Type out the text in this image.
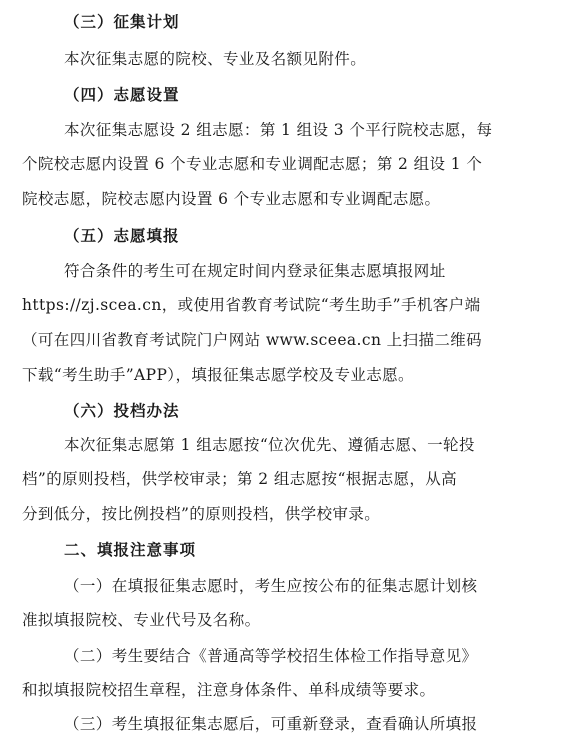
（三）征集计划
本次征集志愿的院校、专业及名额见附件。
（四）志愿设置
本次征集志愿设 2 组志愿：第 1 组设 3 个平行院校志愿，每
个院校志愿内设置 6 个专业志愿和专业调配志愿；第 2 组设 1 个
院校志愿，院校志愿内设置 6 个专业志愿和专业调配志愿。
（五）志愿填报
符合条件的考生可在规定时间内登录征集志愿填报网址
https://zj.scea.cn，或使用省教育考试院“考生助手”手机客户端
（可在四川省教育考试院门户网站 www.sceea.cn 上扫描二维码
下载“考生助手”APP），填报征集志愿学校及专业志愿。
（六）投档办法
本次征集志愿第 1 组志愿按“位次优先、遵循志愿、一轮投
档”的原则投档，供学校审录；第 2 组志愿按“根据志愿，从高
分到低分，按比例投档”的原则投档，供学校审录。
二、填报注意事项
（一）在填报征集志愿时，考生应按公布的征集志愿计划核
准拟填报院校、专业代号及名称。
（二）考生要结合《普通高等学校招生体检工作指导意见》
和拟填报院校招生章程，注意身体条件、单科成绩等要求。
（三）考生填报征集志愿后，可重新登录，查看确认所填报
